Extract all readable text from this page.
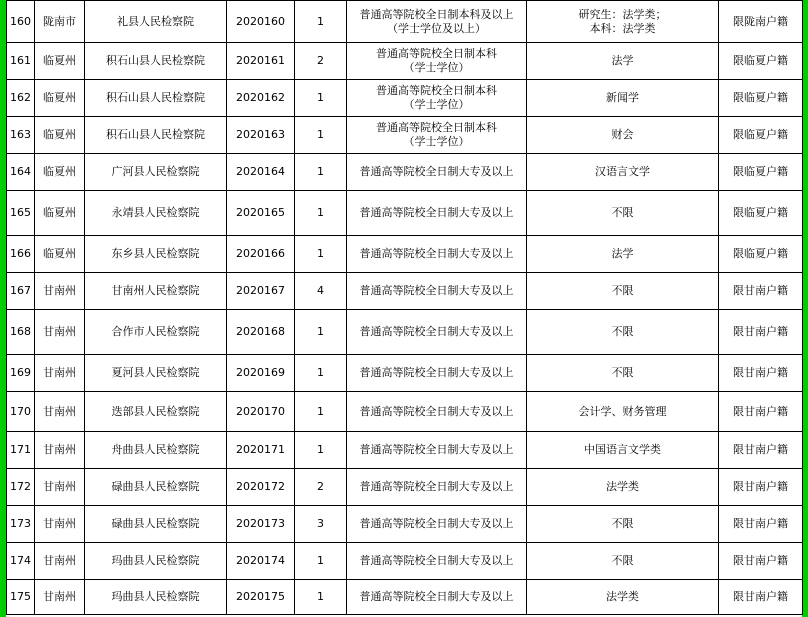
160	陇南市	礼县人民检察院	2020160	1	普通高等院校全日制本科及以上
（学士学位及以上）	研究生：法学类；
本科：法学类	限陇南户籍
161	临夏州	积石山县人民检察院	2020161	2	普通高等院校全日制本科
（学士学位）	法学	限临夏户籍
162	临夏州	积石山县人民检察院	2020162	1	普通高等院校全日制本科
（学士学位）	新闻学	限临夏户籍
163	临夏州	积石山县人民检察院	2020163	1	普通高等院校全日制本科
（学士学位）	财会	限临夏户籍
164	临夏州	广河县人民检察院	2020164	1	普通高等院校全日制大专及以上	汉语言文学	限临夏户籍
165	临夏州	永靖县人民检察院	2020165	1	普通高等院校全日制大专及以上	不限	限临夏户籍
166	临夏州	东乡县人民检察院	2020166	1	普通高等院校全日制大专及以上	法学	限临夏户籍
167	甘南州	甘南州人民检察院	2020167	4	普通高等院校全日制大专及以上	不限	限甘南户籍
168	甘南州	合作市人民检察院	2020168	1	普通高等院校全日制大专及以上	不限	限甘南户籍
169	甘南州	夏河县人民检察院	2020169	1	普通高等院校全日制大专及以上	不限	限甘南户籍
170	甘南州	迭部县人民检察院	2020170	1	普通高等院校全日制大专及以上	会计学、财务管理	限甘南户籍
171	甘南州	舟曲县人民检察院	2020171	1	普通高等院校全日制大专及以上	中国语言文学类	限甘南户籍
172	甘南州	碌曲县人民检察院	2020172	2	普通高等院校全日制大专及以上	法学类	限甘南户籍
173	甘南州	碌曲县人民检察院	2020173	3	普通高等院校全日制大专及以上	不限	限甘南户籍
174	甘南州	玛曲县人民检察院	2020174	1	普通高等院校全日制大专及以上	不限	限甘南户籍
175	甘南州	玛曲县人民检察院	2020175	1	普通高等院校全日制大专及以上	法学类	限甘南户籍
